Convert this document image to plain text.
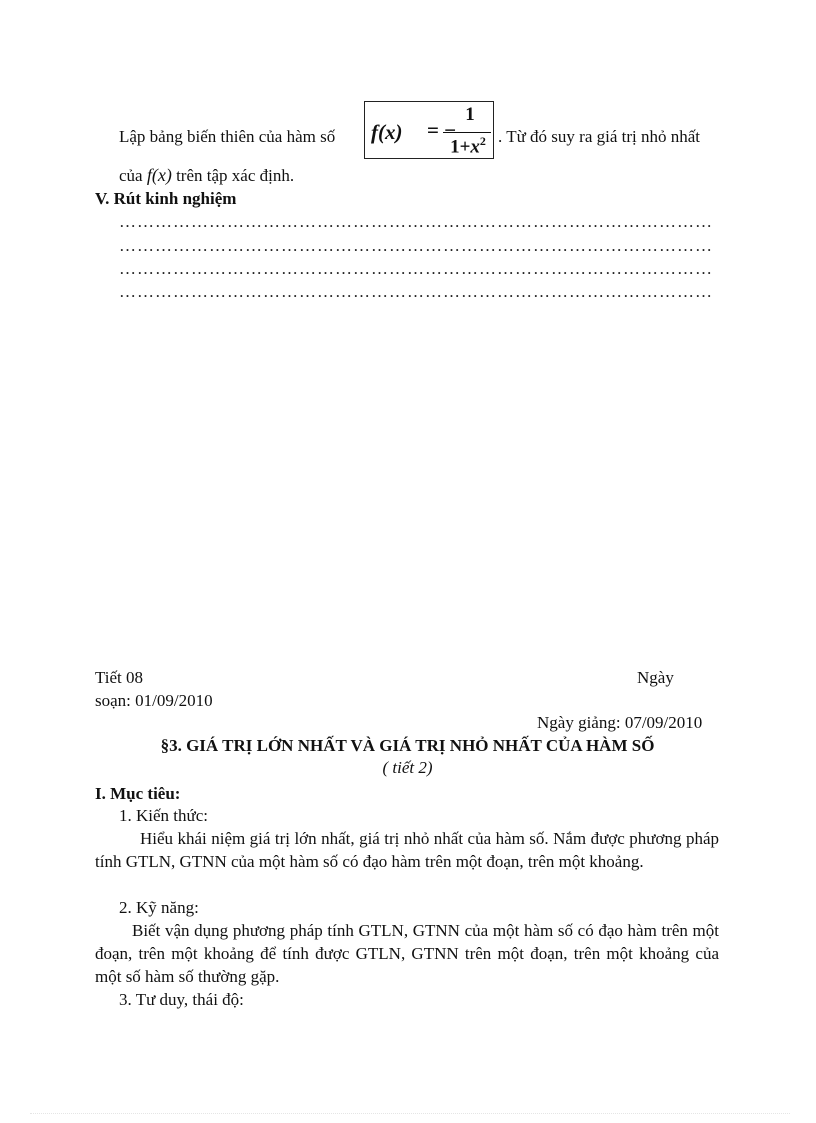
Lập bảng biến thiên của hàm số f(x) = −
1
$1+x^2$ . Từ đó suy ra giá trị nhỏ nhất
của f(x) trên tập xác định.
V. Rút kinh nghiệm
………………………………………………………………………………………
………………………………………………………………………………………
………………………………………………………………………………………
………………………………………………………………………………………
Tiết 08	Ngày
soạn: 01/09/2010
Ngày giảng: 07/09/2010
§3. GIÁ TRỊ LỚN NHẤT VÀ GIÁ TRỊ NHỎ NHẤT CỦA HÀM SỐ
( tiết 2)
I. Mục tiêu:
1. Kiến thức:
Hiểu khái niệm giá trị lớn nhất, giá trị nhỏ nhất của hàm số. Nắm được phương pháp tính GTLN, GTNN của một hàm số có đạo hàm trên một đoạn, trên một khoảng.
2. Kỹ năng:
Biết vận dụng phương pháp tính GTLN, GTNN của một hàm số có đạo hàm trên một đoạn, trên một khoảng để tính được GTLN, GTNN trên một đoạn, trên một khoảng của một số hàm số thường gặp.
3. Tư duy, thái độ:
